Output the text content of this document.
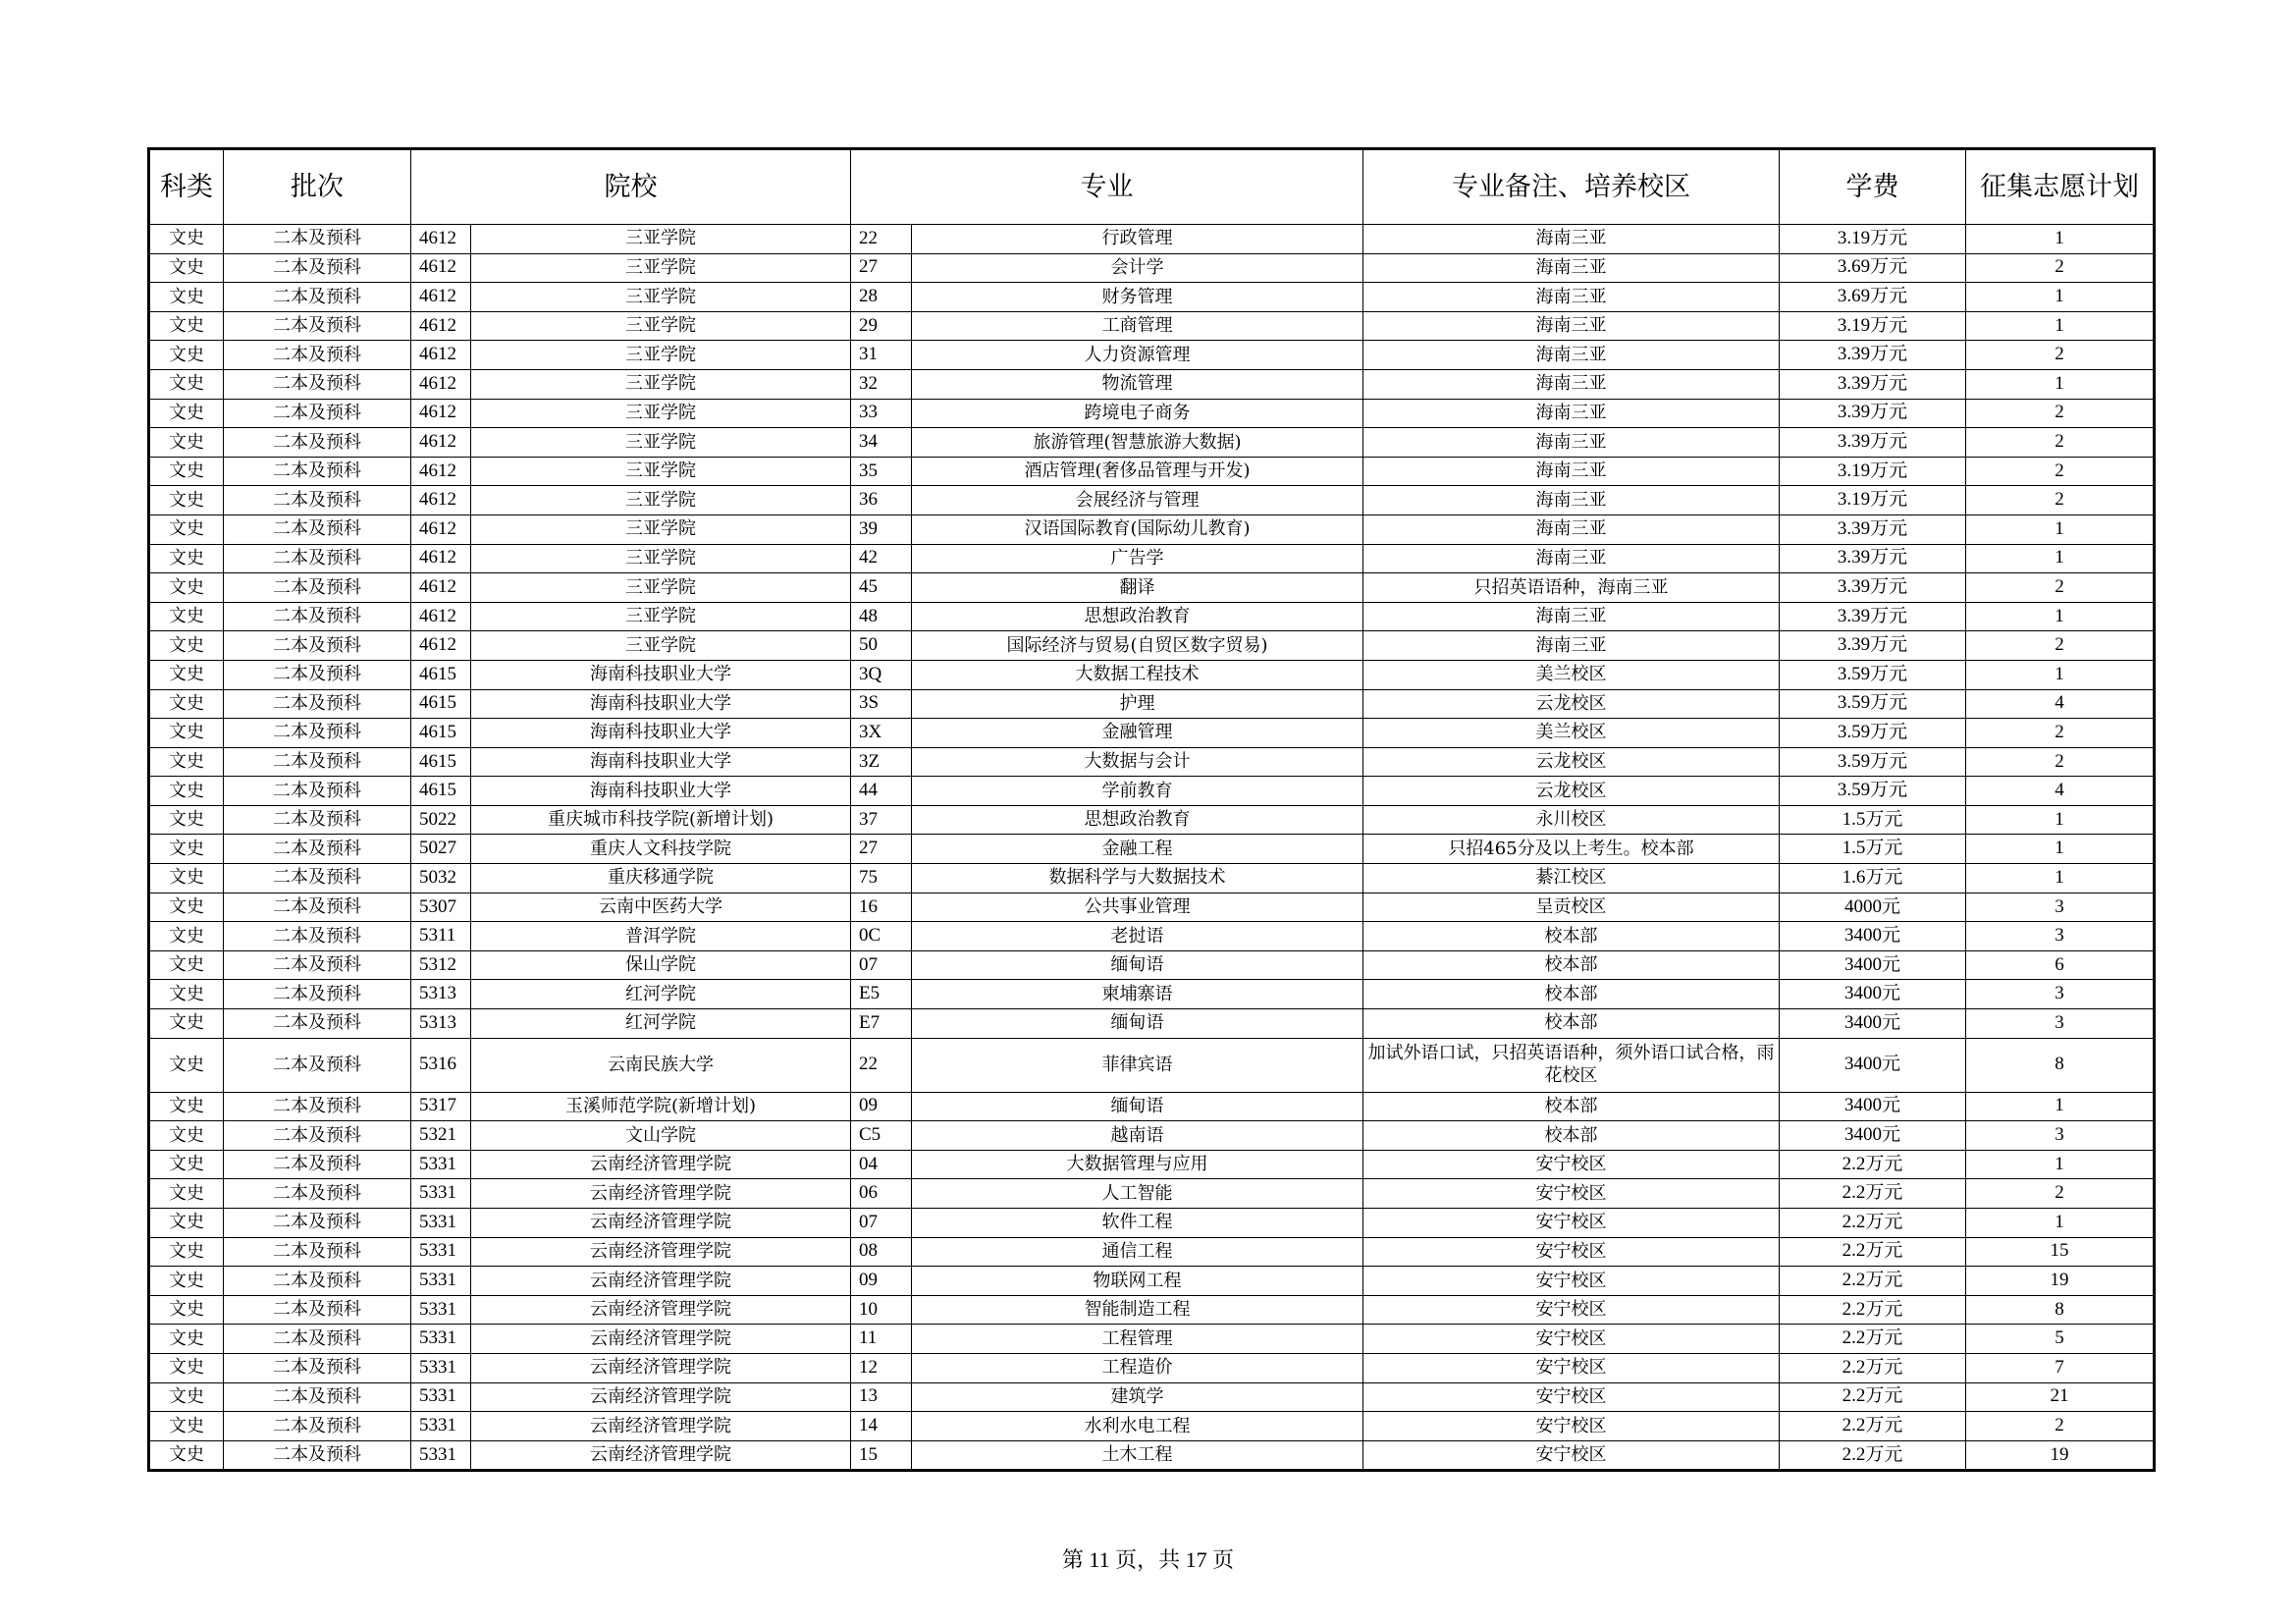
科类	批次	院校		专业		专业备注、培养校区	学费	征集志愿计划
文史	二本及预科	4612	三亚学院	22	行政管理	海南三亚	3.19万元	1
文史	二本及预科	4612	三亚学院	27	会计学	海南三亚	3.69万元	2
文史	二本及预科	4612	三亚学院	28	财务管理	海南三亚	3.69万元	1
文史	二本及预科	4612	三亚学院	29	工商管理	海南三亚	3.19万元	1
文史	二本及预科	4612	三亚学院	31	人力资源管理	海南三亚	3.39万元	2
文史	二本及预科	4612	三亚学院	32	物流管理	海南三亚	3.39万元	1
文史	二本及预科	4612	三亚学院	33	跨境电子商务	海南三亚	3.39万元	2
文史	二本及预科	4612	三亚学院	34	旅游管理(智慧旅游大数据)	海南三亚	3.39万元	2
文史	二本及预科	4612	三亚学院	35	酒店管理(奢侈品管理与开发)	海南三亚	3.19万元	2
文史	二本及预科	4612	三亚学院	36	会展经济与管理	海南三亚	3.19万元	2
文史	二本及预科	4612	三亚学院	39	汉语国际教育(国际幼儿教育)	海南三亚	3.39万元	1
文史	二本及预科	4612	三亚学院	42	广告学	海南三亚	3.39万元	1
文史	二本及预科	4612	三亚学院	45	翻译	只招英语语种，海南三亚	3.39万元	2
文史	二本及预科	4612	三亚学院	48	思想政治教育	海南三亚	3.39万元	1
文史	二本及预科	4612	三亚学院	50	国际经济与贸易(自贸区数字贸易)	海南三亚	3.39万元	2
文史	二本及预科	4615	海南科技职业大学	3Q	大数据工程技术	美兰校区	3.59万元	1
文史	二本及预科	4615	海南科技职业大学	3S	护理	云龙校区	3.59万元	4
文史	二本及预科	4615	海南科技职业大学	3X	金融管理	美兰校区	3.59万元	2
文史	二本及预科	4615	海南科技职业大学	3Z	大数据与会计	云龙校区	3.59万元	2
文史	二本及预科	4615	海南科技职业大学	44	学前教育	云龙校区	3.59万元	4
文史	二本及预科	5022	重庆城市科技学院(新增计划)	37	思想政治教育	永川校区	1.5万元	1
文史	二本及预科	5027	重庆人文科技学院	27	金融工程	只招465分及以上考生。校本部	1.5万元	1
文史	二本及预科	5032	重庆移通学院	75	数据科学与大数据技术	綦江校区	1.6万元	1
文史	二本及预科	5307	云南中医药大学	16	公共事业管理	呈贡校区	4000元	3
文史	二本及预科	5311	普洱学院	0C	老挝语	校本部	3400元	3
文史	二本及预科	5312	保山学院	07	缅甸语	校本部	3400元	6
文史	二本及预科	5313	红河学院	E5	柬埔寨语	校本部	3400元	3
文史	二本及预科	5313	红河学院	E7	缅甸语	校本部	3400元	3
文史	二本及预科	5316	云南民族大学	22	菲律宾语	加试外语口试，只招英语语种，须外语口试合格，雨花校区	3400元	8
文史	二本及预科	5317	玉溪师范学院(新增计划)	09	缅甸语	校本部	3400元	1
文史	二本及预科	5321	文山学院	C5	越南语	校本部	3400元	3
文史	二本及预科	5331	云南经济管理学院	04	大数据管理与应用	安宁校区	2.2万元	1
文史	二本及预科	5331	云南经济管理学院	06	人工智能	安宁校区	2.2万元	2
文史	二本及预科	5331	云南经济管理学院	07	软件工程	安宁校区	2.2万元	1
文史	二本及预科	5331	云南经济管理学院	08	通信工程	安宁校区	2.2万元	15
文史	二本及预科	5331	云南经济管理学院	09	物联网工程	安宁校区	2.2万元	19
文史	二本及预科	5331	云南经济管理学院	10	智能制造工程	安宁校区	2.2万元	8
文史	二本及预科	5331	云南经济管理学院	11	工程管理	安宁校区	2.2万元	5
文史	二本及预科	5331	云南经济管理学院	12	工程造价	安宁校区	2.2万元	7
文史	二本及预科	5331	云南经济管理学院	13	建筑学	安宁校区	2.2万元	21
文史	二本及预科	5331	云南经济管理学院	14	水利水电工程	安宁校区	2.2万元	2
文史	二本及预科	5331	云南经济管理学院	15	土木工程	安宁校区	2.2万元	19
第 11 页，共 17 页
